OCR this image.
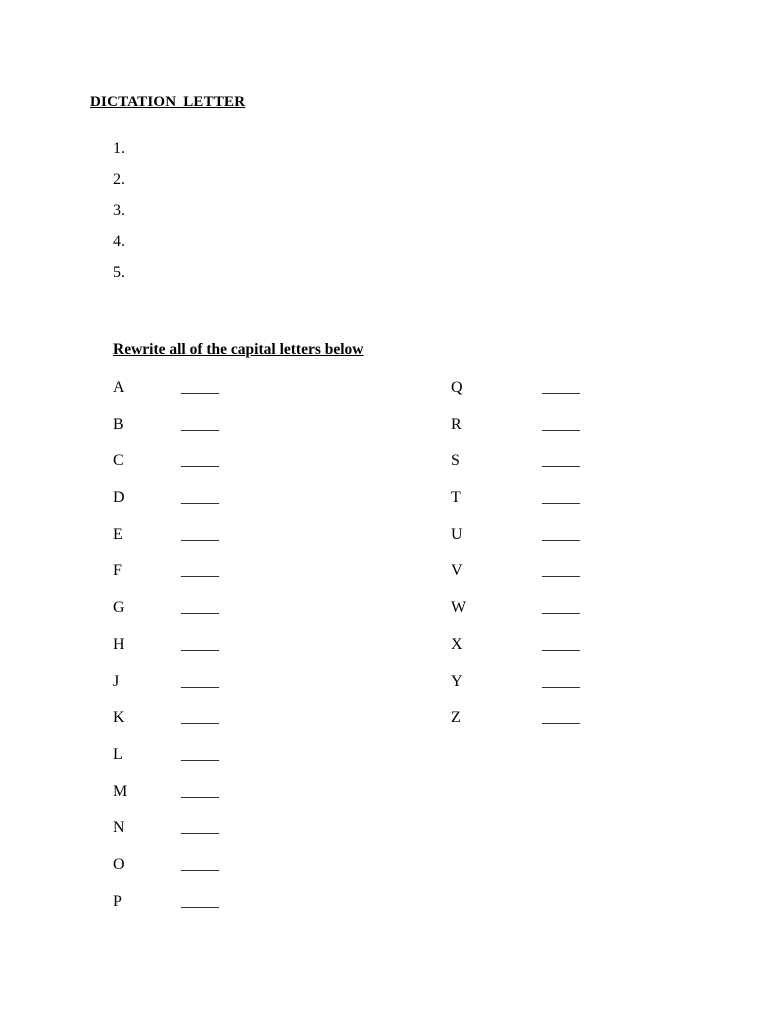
DICTATION LETTER
1.
2.
3.
4.
5.
Rewrite all of the capital letters below
A	_____
B	_____
C	_____
D	_____
E	_____
F	_____
G	_____
H	_____
J	_____
K	_____
L	_____
M	_____
N	_____
O	_____
P	_____
Q	_____
R	_____
S	_____
T	_____
U	_____
V	_____
W	_____
X	_____
Y	_____
Z	_____
